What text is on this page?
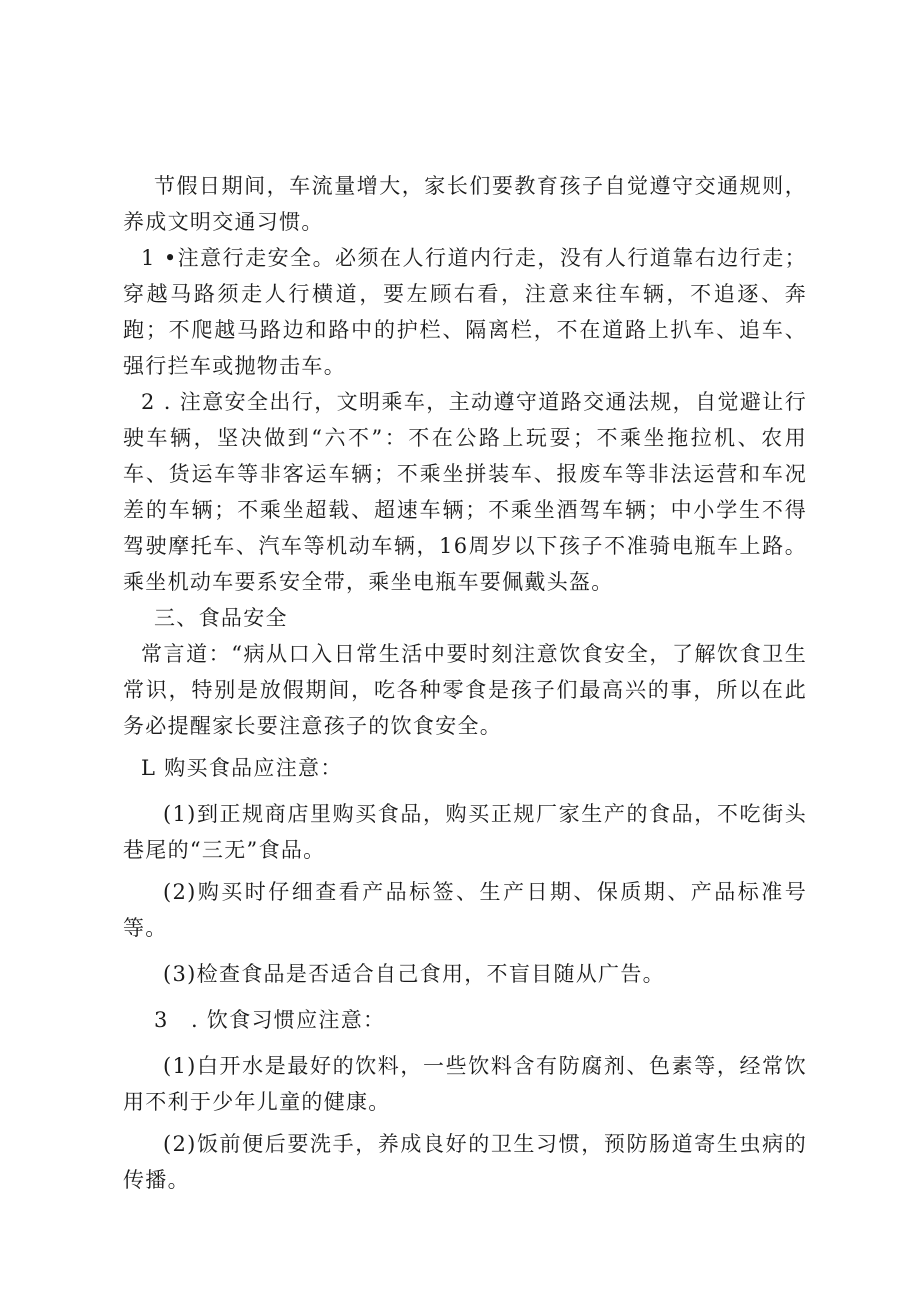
节假日期间，车流量增大，家长们要教育孩子自觉遵守交通规则，养成文明交通习惯。

1 •注意行走安全。必须在人行道内行走，没有人行道靠右边行走；穿越马路须走人行横道，要左顾右看，注意来往车辆，不追逐、奔跑；不爬越马路边和路中的护栏、隔离栏，不在道路上扒车、追车、强行拦车或抛物击车。

2 . 注意安全出行，文明乘车，主动遵守道路交通法规，自觉避让行驶车辆，坚决做到“六不”：不在公路上玩耍；不乘坐拖拉机、农用车、货运车等非客运车辆；不乘坐拼装车、报废车等非法运营和车况差的车辆；不乘坐超载、超速车辆；不乘坐酒驾车辆；中小学生不得驾驶摩托车、汽车等机动车辆，16周岁以下孩子不准骑电瓶车上路。乘坐机动车要系安全带，乘坐电瓶车要佩戴头盔。

三、食品安全

常言道：“病从口入日常生活中要时刻注意饮食安全，了解饮食卫生常识，特别是放假期间，吃各种零食是孩子们最高兴的事，所以在此务必提醒家长要注意孩子的饮食安全。

L 购买食品应注意：

(1)到正规商店里购买食品，购买正规厂家生产的食品，不吃街头巷尾的“三无”食品。

(2)购买时仔细查看产品标签、生产日期、保质期、产品标准号等。

(3)检查食品是否适合自己食用，不盲目随从广告。

3　. 饮食习惯应注意：

(1)白开水是最好的饮料，一些饮料含有防腐剂、色素等，经常饮用不利于少年儿童的健康。

(2)饭前便后要洗手，养成良好的卫生习惯，预防肠道寄生虫病的传播。
